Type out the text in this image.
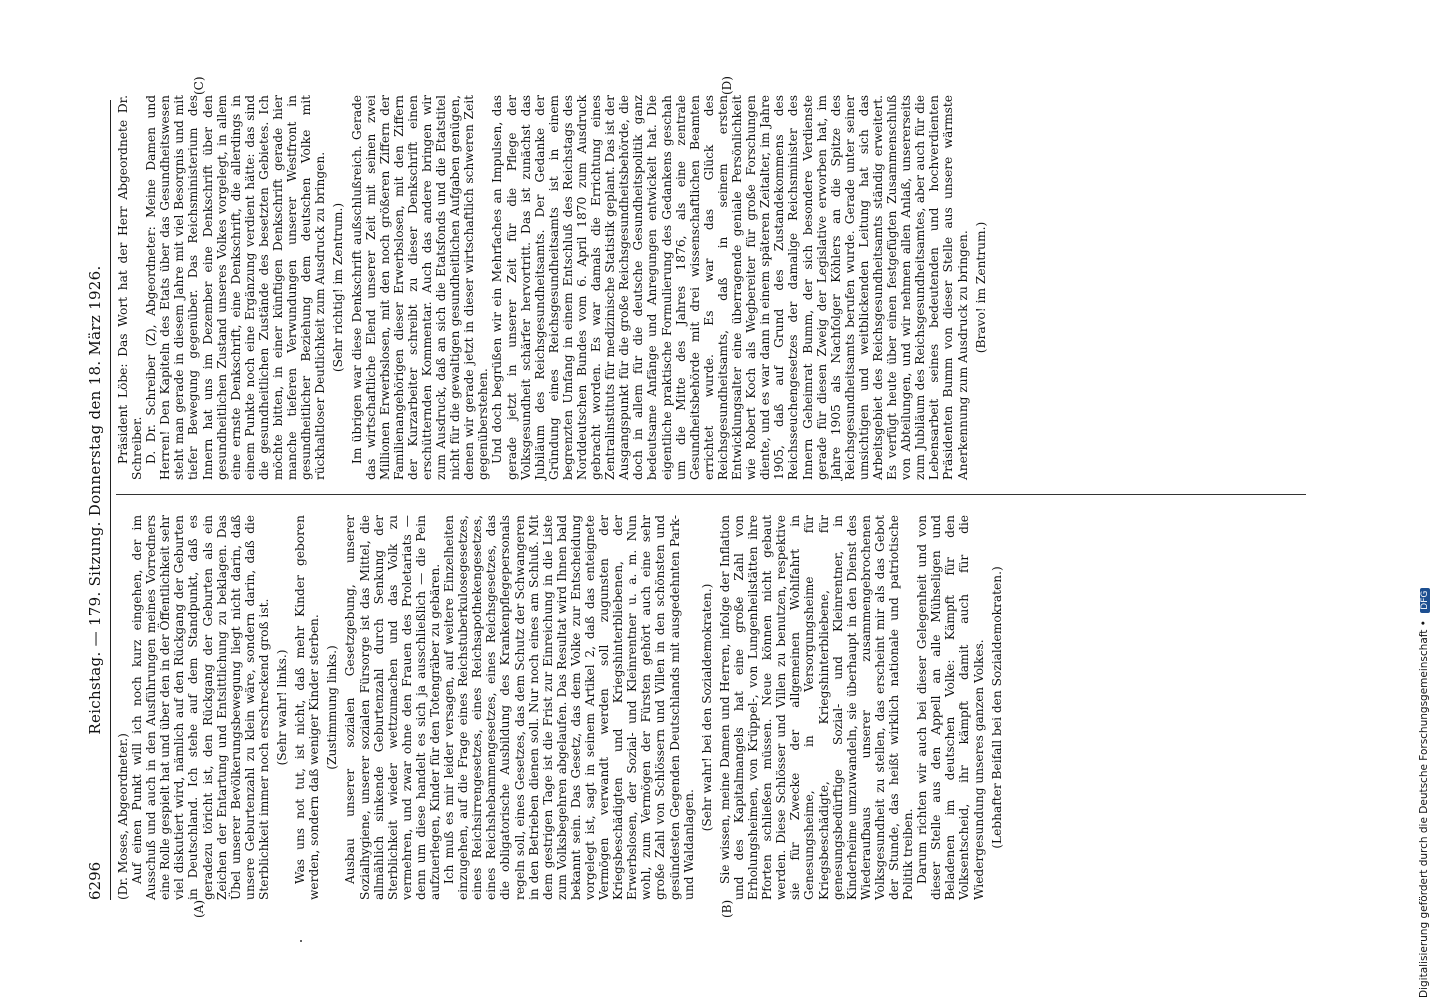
6296
Reichstag. — 179. Sitzung. Donnerstag den 18. März 1926.
(A)	(B)
(C)	(D)

(Dr. Moses, Abgeordneter.) Auf einen Punkt will ich noch kurz eingehen, der im Ausschuß und auch in den Ausführungen meines Vorredners eine Rolle gespielt hat und über den in der Öffentlichkeit sehr viel diskutiert wird, nämlich auf den Rückgang der Geburten in Deutschland. Ich stehe auf dem Standpunkt, daß es geradezu töricht ist, den Rückgang der Geburten als ein Zeichen der Entartung und Entsittlichung zu beklagen. Das Übel unserer Bevölkerungsbewegung liegt nicht darin, daß unsere Geburtenzahl zu klein wäre, sondern darin, daß die Sterblichkeit immer noch erschreckend groß ist. (Sehr wahr! links.) Was uns not tut, ist nicht, daß mehr Kinder geboren werden, sondern daß weniger Kinder sterben. (Zustimmung links.) Ausbau unserer sozialen Gesetzgebung, unserer Sozialhygiene, unserer sozialen Fürsorge ist das Mittel, die allmählich sinkende Geburtenzahl durch Senkung der Sterblichkeit wieder wettzumachen und das Volk zu vermehren, und zwar ohne den Frauen des Proletariats — denn um diese handelt es sich ja ausschließlich — die Pein aufzuerlegen, Kinder für den Totengräber zu gebären. Ich muß es mir leider versagen, auf weitere Einzelheiten einzugehen, auf die Frage eines Reichstuberkulosegesetzes, eines Reichsirrengesetzes, eines Reichsapothekengesetzes, eines Reichshebammengesetzes, eines Reichsgesetzes, das die obligatorische Ausbildung des Krankenpflegepersonals regeln soll, eines Gesetzes, das dem Schutz der Schwangeren in den Betrieben dienen soll. Nur noch eines am Schluß. Mit dem gestrigen Tage ist die Frist zur Einreichung in die Liste zum Volksbegehren abgelaufen. Das Resultat wird Ihnen bald bekannt sein. Das Gesetz, das dem Volke zur Entscheidung vorgelegt ist, sagt in seinem Artikel 2, daß das enteignete Vermögen verwandt werden soll zugunsten der Kriegsbeschädigten und Kriegshinterbliebenen, der Erwerbslosen, der Sozial- und Kleinrentner u. a. m. Nun wohl, zum Vermögen der Fürsten gehört auch eine sehr große Zahl von Schlössern und Villen in den schönsten und gesündesten Gegenden Deutschlands mit ausgedehnten Park- und Waldanlagen.

(Sehr wahr! bei den Sozialdemokraten.) Sie wissen, meine Damen und Herren, infolge der Inflation und des Kapitalmangels hat eine große Zahl von Erholungsheimen, von Krüppel-, von Lungenheilstätten ihre Pforten schließen müssen. Neue können nicht gebaut werden. Diese Schlösser und Villen zu benutzen, respektive sie für Zwecke der allgemeinen Wohlfahrt in Genesungsheime, in Versorgungsheime für Kriegsbeschädigte, Kriegshinterbliebene, für genesungsbedürftige Sozial- und Kleinrentner, in Kinderheime umzuwandeln, sie überhaupt in den Dienst des Wiederaufbaus unserer zusammengebrochenen Volksgesundheit zu stellen, das erscheint mir als das Gebot der Stunde, das heißt wirklich nationale und patriotische Politik treiben. Darum richten wir auch bei dieser Gelegenheit und von dieser Stelle aus den Appell an alle Mühseligen und Beladenen im deutschen Volke: Kämpft für den Volksentscheid, ihr kämpft damit auch für die Wiedergesundung unseres ganzen Volkes. (Lebhafter Beifall bei den Sozialdemokraten.)

Präsident Löbe: Das Wort hat der Herr Abgeordnete Dr. Schreiber. D. Dr. Schreiber (Z), Abgeordneter: Meine Damen und Herren! Den Kapiteln des Etats über das Gesundheitswesen steht man gerade in diesem Jahre mit viel Besorgnis und mit tiefer Bewegung gegenüber. Das Reichsministerium des Innern hat uns im Dezember eine Denkschrift über den gesundheitlichen Zustand unseres Volkes vorgelegt, in allem eine ernste Denkschrift, eine Denkschrift, die allerdings in einem Punkte noch eine Ergänzung verdient hätte: das sind die gesundheitlichen Zustände des besetzten Gebietes. Ich möchte bitten, in einer künftigen Denkschrift gerade hier manche tieferen Verwundungen unserer Westfront in gesundheitlicher Beziehung dem deutschen Volke mit rückhaltloser Deutlichkeit zum Ausdruck zu bringen. (Sehr richtig! im Zentrum.) Im übrigen war diese Denkschrift außschlußreich. Gerade das wirtschaftliche Elend unserer Zeit mit seinen zwei Millionen Erwerbslosen, mit den noch größeren Ziffern der Familienangehörigen dieser Erwerbslosen, mit den Ziffern der Kurzarbeiter schreibt zu dieser Denkschrift einen erschütternden Kommentar. Auch das andere bringen wir zum Ausdruck, daß an sich die Etatsfonds und die Etatstitel nicht für die gewaltigen gesundheitlichen Aufgaben genügen, denen wir gerade jetzt in dieser wirtschaftlich schweren Zeit gegenüberstehen. Und doch begrüßen wir ein Mehrfaches an Impulsen, das gerade jetzt in unserer Zeit für die Pflege der Volksgesundheit schärfer hervortritt. Das ist zunächst das Jubiläum des Reichsgesundheitsamts. Der Gedanke der Gründung eines Reichsgesundheitsamts ist in einem begrenzten Umfang in einem Entschluß des Reichstags des Norddeutschen Bundes vom 6. April 1870 zum Ausdruck gebracht worden. Es war damals die Errichtung eines Zentralinstituts für medizinische Statistik geplant. Das ist der Ausgangspunkt für die große Reichsgesundheitsbehörde, die doch in allem für die deutsche Gesundheitspolitik ganz bedeutsame Anfänge und Anregungen entwickelt hat. Die eigentliche praktische Formulierung des Gedankens geschah um die Mitte des Jahres 1876, als eine zentrale Gesundheitsbehörde mit drei wissenschaftlichen Beamten errichtet wurde. Es war das Glück des Reichsgesundheitsamts, daß in seinem ersten Entwicklungsalter eine überragende geniale Persönlichkeit wie Robert Koch als Wegbereiter für große Forschungen diente, und es war dann in einem späteren Zeitalter, im Jahre 1905, daß auf Grund des Zustandekommens des Reichsseuchengesetzes der damalige Reichsminister des Innern Geheimrat Bumm, der sich besondere Verdienste gerade für diesen Zweig der Legislative erworben hat, im Jahre 1905 als Nachfolger Köhlers an die Spitze des Reichsgesundheitsamts berufen wurde. Gerade unter seiner umsichtigen und weitblickenden Leitung hat sich das Arbeitsgebiet des Reichsgesundheitsamts ständig erweitert. Es verfügt heute über einen festgefügten Zusammenschluß von Abteilungen, und wir nehmen allen Anlaß, unsererseits zum Jubiläum des Reichsgesundheitsamtes, aber auch für die Lebensarbeit seines bedeutenden und hochverdienten Präsidenten Bumm von dieser Stelle aus unsere wärmste Anerkennung zum Ausdruck zu bringen. (Bravo! im Zentrum.)

Digitalisierung gefördert durch die Deutsche Forschungsgemeinschaft • DFG
